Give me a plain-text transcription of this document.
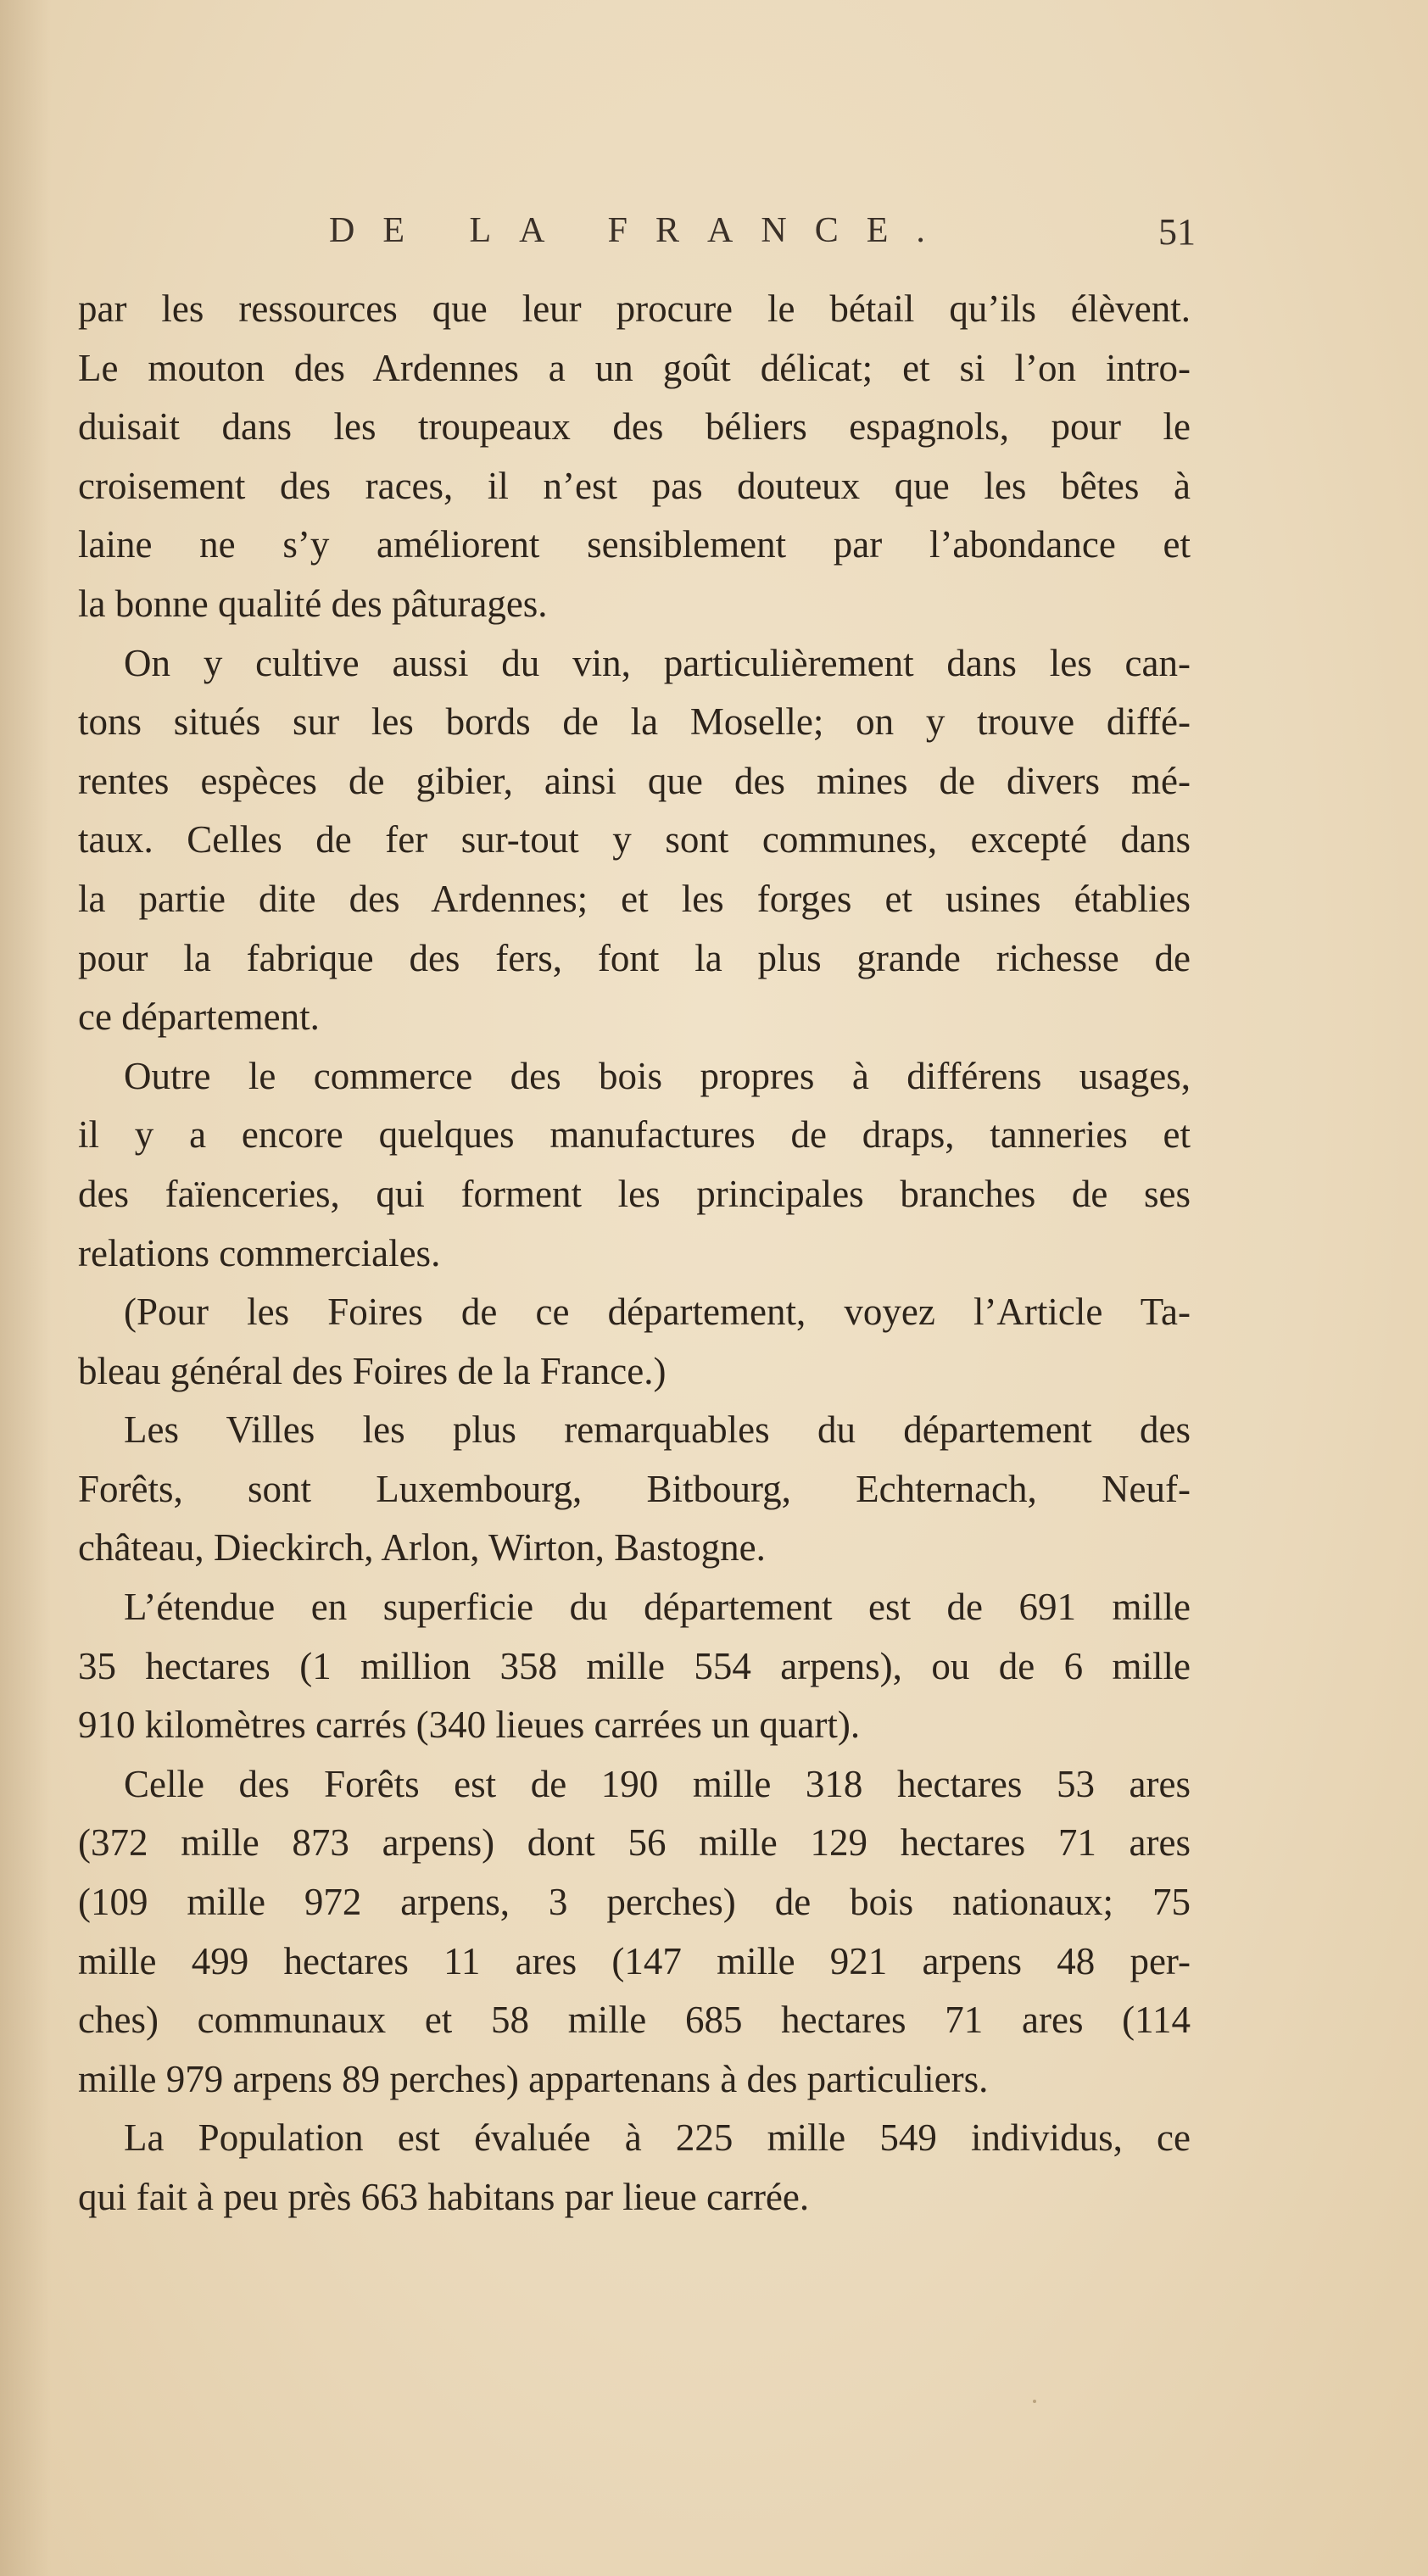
DE LA FRANCE.	51
par les ressources que leur procure le bétail qu’ils élèvent.
Le mouton des Ardennes a un goût délicat; et si l’on intro-
duisait dans les troupeaux des béliers espagnols, pour le
croisement des races, il n’est pas douteux que les bêtes à
laine ne s’y améliorent sensiblement par l’abondance et
la bonne qualité des pâturages.
On y cultive aussi du vin, particulièrement dans les can-
tons situés sur les bords de la Moselle; on y trouve diffé-
rentes espèces de gibier, ainsi que des mines de divers mé-
taux. Celles de fer sur-tout y sont communes, excepté dans
la partie dite des Ardennes; et les forges et usines établies
pour la fabrique des fers, font la plus grande richesse de
ce département.
Outre le commerce des bois propres à différens usages,
il y a encore quelques manufactures de draps, tanneries et
des faïenceries, qui forment les principales branches de ses
relations commerciales.
(Pour les Foires de ce département, voyez l’Article Ta-
bleau général des Foires de la France.)
Les Villes les plus remarquables du département des
Forêts, sont Luxembourg, Bitbourg, Echternach, Neuf-
château, Dieckirch, Arlon, Wirton, Bastogne.
L’étendue en superficie du département est de 691 mille
35 hectares (1 million 358 mille 554 arpens), ou de 6 mille
910 kilomètres carrés (340 lieues carrées un quart).
Celle des Forêts est de 190 mille 318 hectares 53 ares
(372 mille 873 arpens) dont 56 mille 129 hectares 71 ares
(109 mille 972 arpens, 3 perches) de bois nationaux; 75
mille 499 hectares 11 ares (147 mille 921 arpens 48 per-
ches) communaux et 58 mille 685 hectares 71 ares (114
mille 979 arpens 89 perches) appartenans à des particuliers.
La Population est évaluée à 225 mille 549 individus, ce
qui fait à peu près 663 habitans par lieue carrée.
